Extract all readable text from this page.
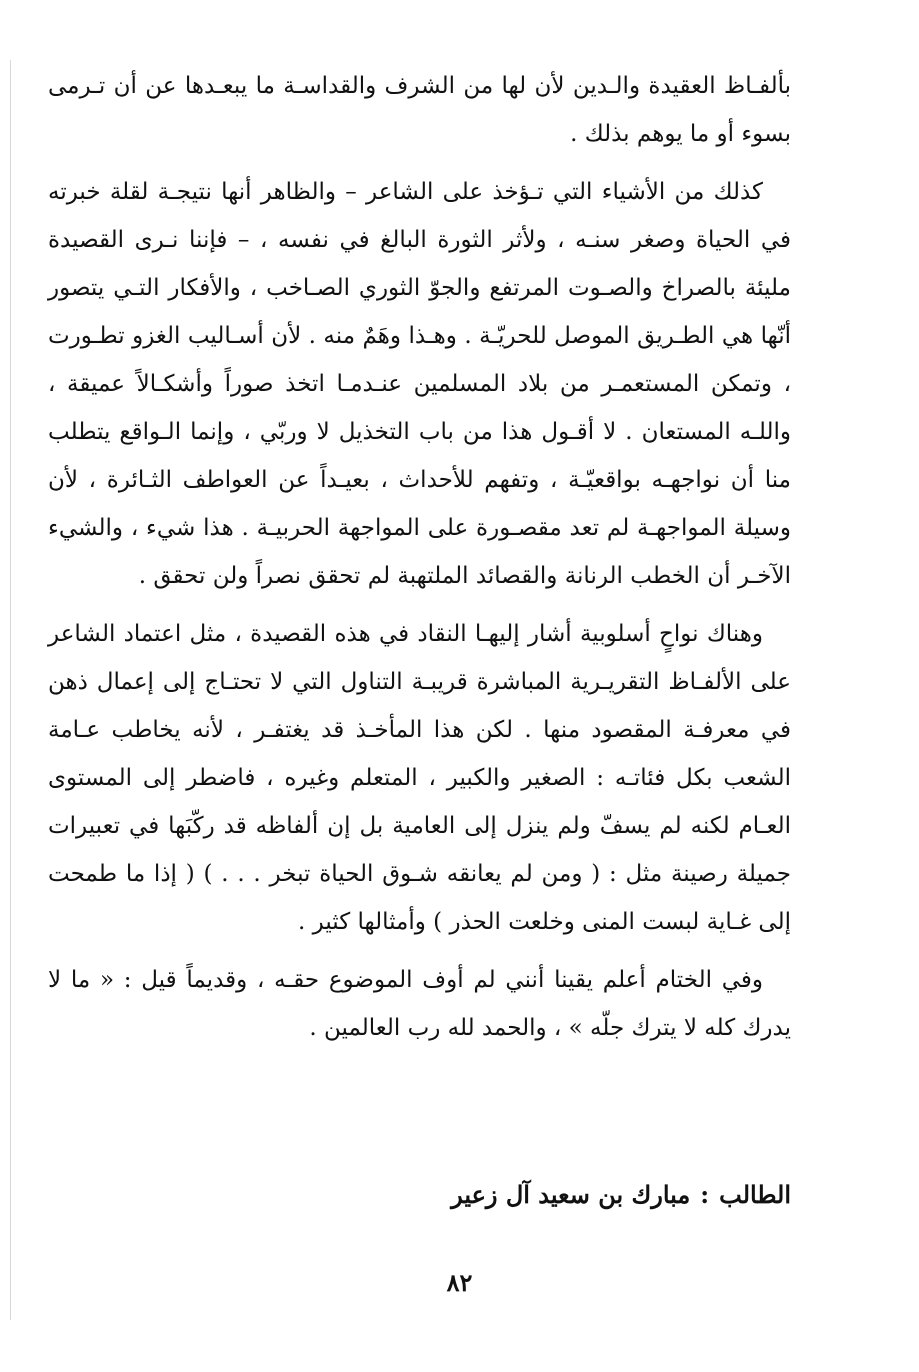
بألفـاظ العقيدة والـدين لأن لها من الشرف والقداسـة ما يبعـدها عن أن تـرمى بسوء أو ما يوهم بذلك .

كذلك من الأشياء التي تـؤخذ على الشاعر – والظاهر أنها نتيجـة لقلة خبرته في الحياة وصغر سنـه ، ولأثر الثورة البالغ في نفسه ، – فإننا نـرى القصيدة مليئة بالصراخ والصـوت المرتفع والجوّ الثوري الصـاخب ، والأفكار التـي يتصور أنّها هي الطـريق الموصل للحريّـة . وهـذا وهَمٌ منه . لأن أسـاليب الغزو تطـورت ، وتمكن المستعمـر من بلاد المسلمين عنـدمـا اتخذ صوراً وأشكـالاً عميقة ، واللـه المستعان . لا أقـول هذا من باب التخذيل لا وربّي ، وإنما الـواقع يتطلب منا أن نواجهـه بواقعيّـة ، وتفهم للأحداث ، بعيـداً عن العواطف الثـائرة ، لأن وسيلة المواجهـة لم تعد مقصـورة على المواجهة الحربيـة . هذا شيء ، والشيء الآخـر أن الخطب الرنانة والقصائد الملتهبة لم تحقق نصراً ولن تحقق .

وهناك نواحٍ أسلوبية أشار إليهـا النقاد في هذه القصيدة ، مثل اعتماد الشاعر على الألفـاظ التقريـرية المباشرة قريبـة التناول التي لا تحتـاج إلى إعمال ذهن في معرفـة المقصود منها . لكن هذا المأخـذ قد يغتفـر ، لأنه يخاطب عـامة الشعب بكل فئاتـه : الصغير والكبير ، المتعلم وغيره ، فاضطر إلى المستوى العـام لكنه لم يسفّ ولم ينزل إلى العامية بل إن ألفاظه قد ركّبَها في تعبيرات جميلة رصينة مثل : ( ومن لم يعانقه شـوق الحياة تبخر . . . ) ( إذا ما طمحت إلى غـاية لبست المنى وخلعت الحذر ) وأمثالها كثير .

وفي الختام أعلم يقينا أنني لم أوف الموضوع حقـه ، وقديماً قيل : « ما لا يدرك كله لا يترك جلّه » ، والحمد لله رب العالمين .

الطالب:مبارك بن سعيد آل زعير
٨٢
